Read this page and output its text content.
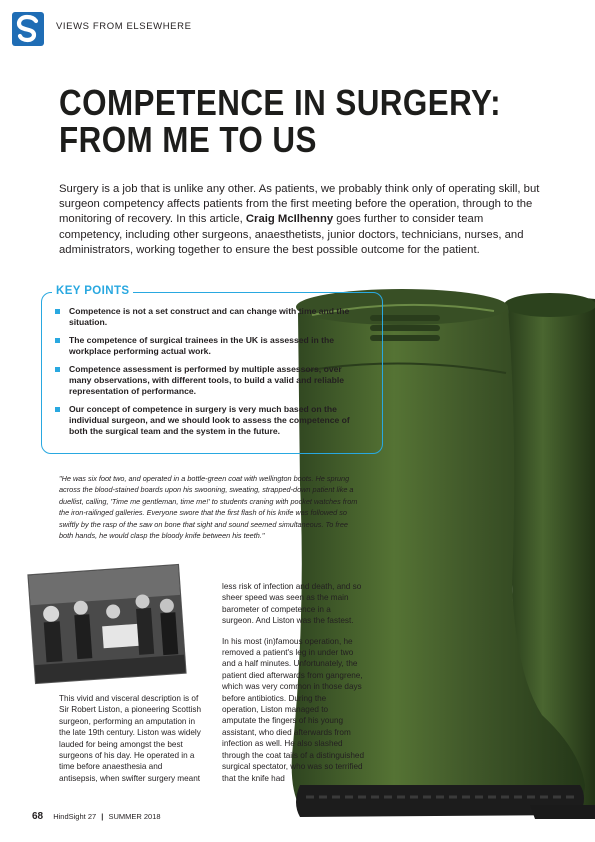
VIEWS FROM ELSEWHERE
COMPETENCE IN SURGERY:
FROM ME TO US
Surgery is a job that is unlike any other. As patients, we probably think only of operating skill, but surgeon competency affects patients from the first meeting before the operation, through to the monitoring of recovery. In this article, Craig McIlhenny goes further to consider team competency, including other surgeons, anaesthetists, junior doctors, technicians, nurses, and administrators, working together to ensure the best possible outcome for the patient.
KEY POINTS
Competence is not a set construct and can change with time and the situation.
The competence of surgical trainees in the UK is assessed in the workplace performing actual work.
Competence assessment is performed by multiple assessors, over many observations, with different tools, to build a valid and reliable representation of performance.
Our concept of competence in surgery is very much based on the individual surgeon, and we should look to assess the competence of both the surgical team and the system in the future.
"He was six foot two, and operated in a bottle-green coat with wellington boots. He sprung across the blood-stained boards upon his swooning, sweating, strapped-down patient like a duellist, calling, 'Time me gentleman, time me!' to students craning with pocket watches from the iron-railinged galleries. Everyone swore that the first flash of his knife was followed so swiftly by the rasp of the saw on bone that sight and sound seemed simultaneous. To free both hands, he would clasp the bloody knife between his teeth."

This vivid and visceral description is of Sir Robert Liston, a pioneering Scottish surgeon, performing an amputation in the late 19th century. Liston was widely lauded for being amongst the best surgeons of his day. He operated in a time before anaesthesia and antisepsis, when swifter surgery meant

less risk of infection and death, and so sheer speed was seen as the main barometer of competence in a surgeon. And Liston was the fastest.

In his most (in)famous operation, he removed a patient's leg in under two and a half minutes. Unfortunately, the patient died afterwards from gangrene, which was very common in those days before antibiotics. During the operation, Liston managed to amputate the fingers of his young assistant, who died afterwards from infection as well. He also slashed through the coat tails of a distinguished surgical spectator, who was so terrified that the knife had

68 HindSight 27 | SUMMER 2018
